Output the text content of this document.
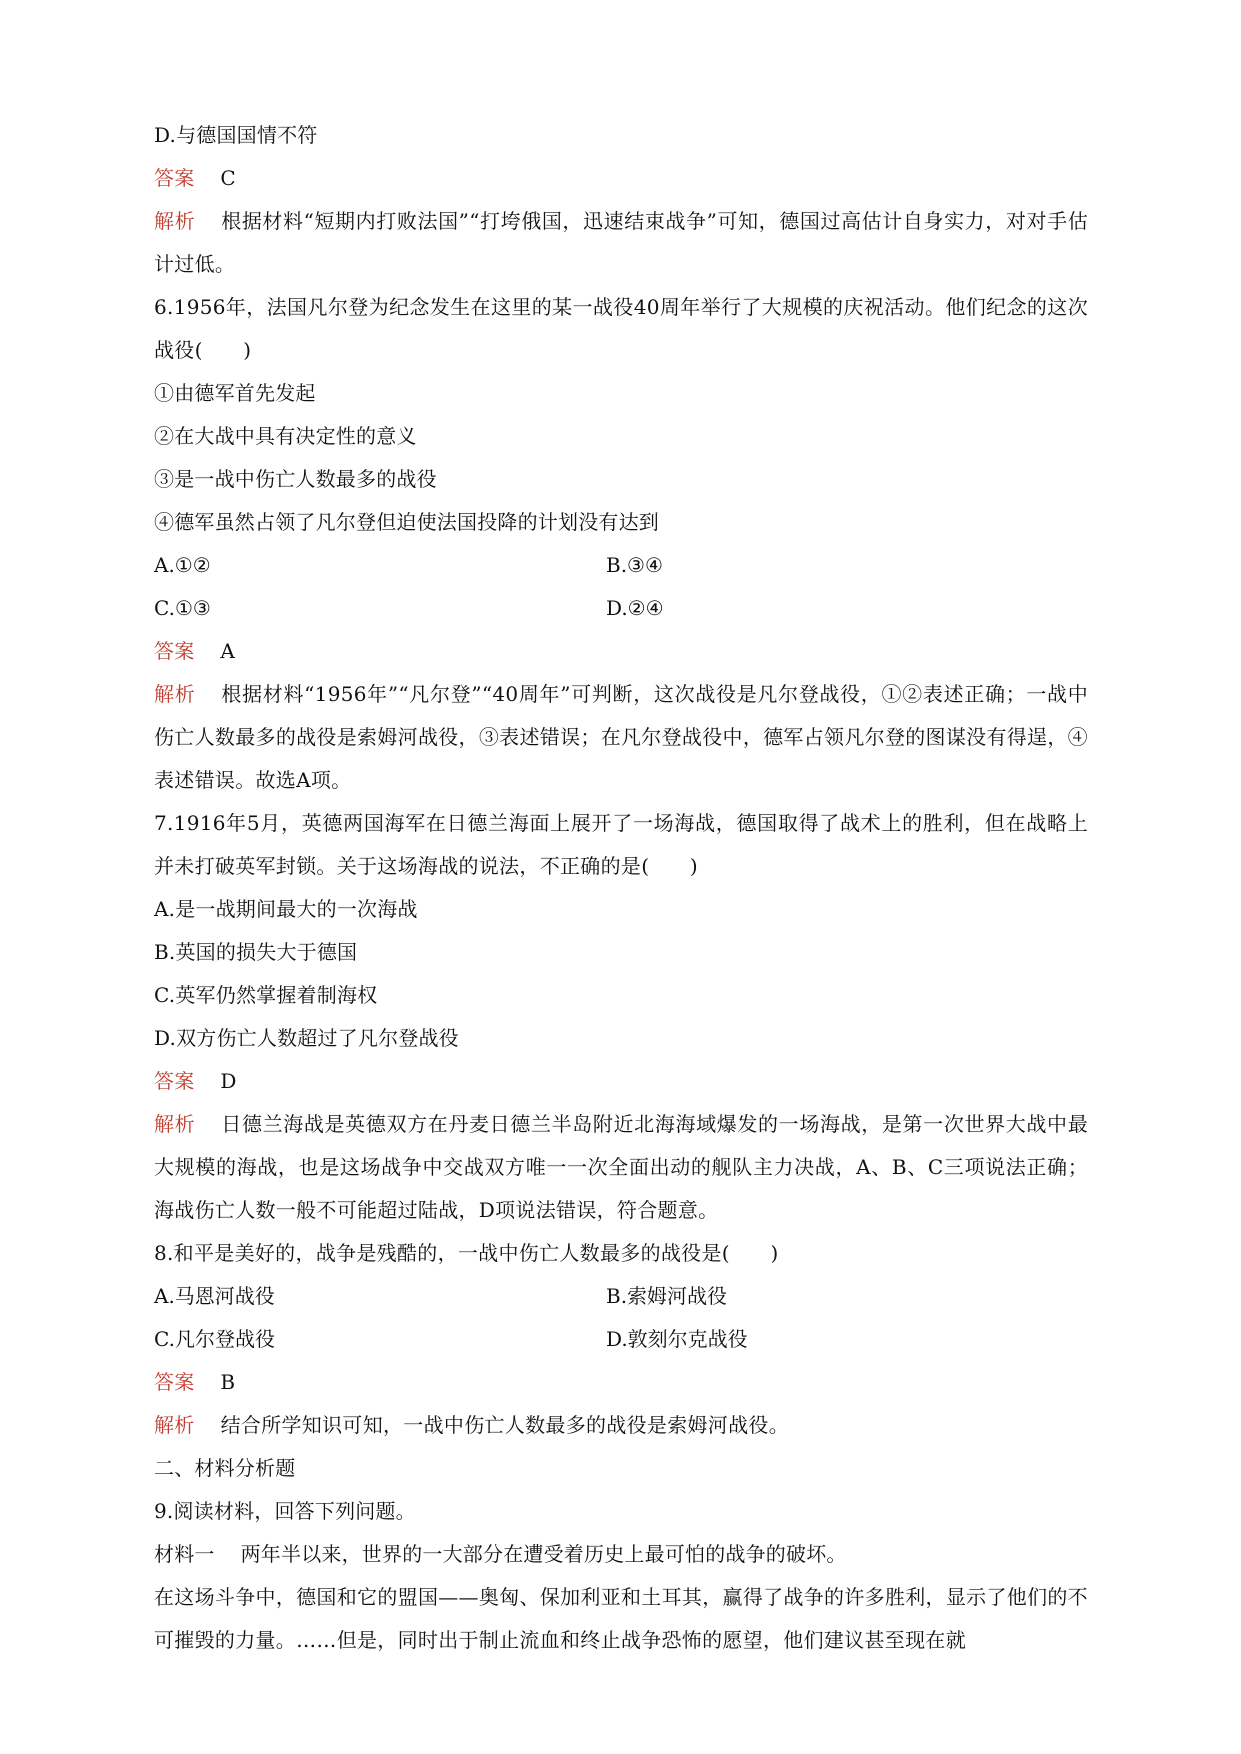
D.与德国国情不符
答案 C
解析 根据材料“短期内打败法国”“打垮俄国，迅速结束战争”可知，德国过高估计自身实力，对对手估计过低。
6.1956年，法国凡尔登为纪念发生在这里的某一战役40周年举行了大规模的庆祝活动。他们纪念的这次战役(　　)
①由德军首先发起
②在大战中具有决定性的意义
③是一战中伤亡人数最多的战役
④德军虽然占领了凡尔登但迫使法国投降的计划没有达到
A.①②	B.③④
C.①③	D.②④
答案 A
解析 根据材料“1956年”“凡尔登”“40周年”可判断，这次战役是凡尔登战役，①②表述正确；一战中伤亡人数最多的战役是索姆河战役，③表述错误；在凡尔登战役中，德军占领凡尔登的图谋没有得逞，④表述错误。故选A项。
7.1916年5月，英德两国海军在日德兰海面上展开了一场海战，德国取得了战术上的胜利，但在战略上并未打破英军封锁。关于这场海战的说法，不正确的是(　　)
A.是一战期间最大的一次海战
B.英国的损失大于德国
C.英军仍然掌握着制海权
D.双方伤亡人数超过了凡尔登战役
答案 D
解析 日德兰海战是英德双方在丹麦日德兰半岛附近北海海域爆发的一场海战，是第一次世界大战中最大规模的海战，也是这场战争中交战双方唯一一次全面出动的舰队主力决战，A、B、C三项说法正确；海战伤亡人数一般不可能超过陆战，D项说法错误，符合题意。
8.和平是美好的，战争是残酷的，一战中伤亡人数最多的战役是(　　)
A.马恩河战役	B.索姆河战役
C.凡尔登战役	D.敦刻尔克战役
答案 B
解析 结合所学知识可知，一战中伤亡人数最多的战役是索姆河战役。
二、材料分析题
9.阅读材料，回答下列问题。
材料一 两年半以来，世界的一大部分在遭受着历史上最可怕的战争的破坏。
在这场斗争中，德国和它的盟国——奥匈、保加利亚和土耳其，赢得了战争的许多胜利，显示了他们的不可摧毁的力量。……但是，同时出于制止流血和终止战争恐怖的愿望，他们建议甚至现在就
